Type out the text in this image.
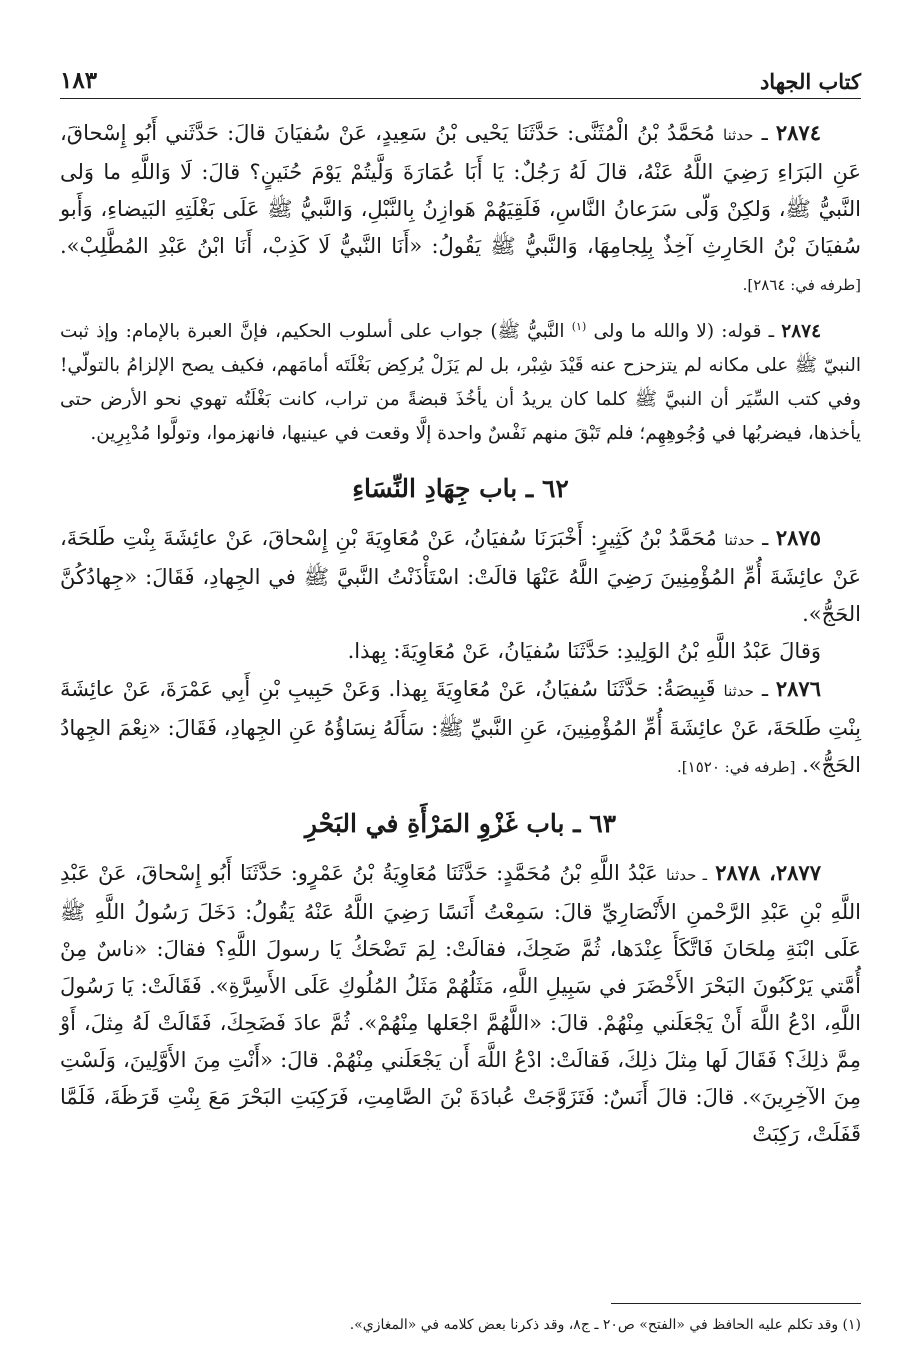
كتاب الجهاد
١٨٣

٢٨٧٤ ـ حدثنا مُحَمَّدُ بْنُ الْمُثَنَّى: حَدَّثَنَا يَحْيى بْنُ سَعِيدٍ، عَنْ سُفيَانَ قالَ: حَدَّثَني أَبُو إِسْحاقَ، عَنِ البَرَاءِ رَضِيَ اللَّهُ عَنْهُ، قالَ لَهُ رَجُلٌ: يَا أَبَا عُمَارَةَ وَلَّيتُمْ يَوْمَ حُنَينٍ؟ قالَ: لَا وَاللَّهِ ما وَلى النَّبيُّ ﷺ، وَلكِنْ وَلّى سَرَعانُ النَّاسِ، فَلَقِيَهُمْ هَوازِنُ بِالنَّبْلِ، وَالنَّبيُّ ﷺ عَلَى بَغْلَتِهِ البَيضاءِ، وَأَبو سُفيَانَ بْنُ الحَارِثِ آخِذٌ بِلِجامِهَا، وَالنَّبيُّ ﷺ يَقُولُ: «أَنَا النَّبيُّ لَا كَذِبْ، أَنَا ابْنُ عَبْدِ المُطَّلِبْ». [طرفه في: ٢٨٦٤].

٢٨٧٤ ـ قوله: (لا والله ما ولى $^{(١)}$ النَّبيُّ ﷺ) جواب على أسلوب الحكيم، فإنَّ العبرة بالإمام: وإذ ثبت النبيّ ﷺ على مكانه لم يتزحزح عنه قَيْدَ شِبْر، بل لم يَزَلْ يُركِض بَغْلَتَه أمامَهم، فكيف يصح الإلزامُ بالتولّي! وفي كتب السِّيَر أن النبيَّ ﷺ كلما كان يريدُ أن يأخُذَ قبضةً من تراب، كانت بَغْلَتُه تهوي نحو الأرض حتى يأخذها، فيضربُها في وُجُوهِهِم؛ فلم تَبْقَ منهم نَفْسٌ واحدة إلَّا وقعت في عينيها، فانهزموا، وتولَّوا مُدْبِرِين.

٦٢ ـ باب جِهَادِ النِّسَاءِ

٢٨٧٥ ـ حدثنا مُحَمَّدُ بْنُ كَثِيرٍ: أَخْبَرَنَا سُفيَانُ، عَنْ مُعَاوِيَةَ بْنِ إِسْحاقَ، عَنْ عائِشَةَ بِنْتِ طَلحَةَ، عَنْ عائِشَةَ أُمِّ المُؤْمِنِينَ رَضِيَ اللَّهُ عَنْهَا قالَتْ: اسْتَأْذَنْتُ النَّبيَّ ﷺ في الجِهادِ، فَقَالَ: «جِهادُكُنَّ الحَجُّ».

وَقالَ عَبْدُ اللَّهِ بْنُ الوَلِيدِ: حَدَّثَنَا سُفيَانُ، عَنْ مُعَاوِيَةَ: بِهذا.

٢٨٧٦ ـ حدثنا قَبِيصَةُ: حَدَّثَنَا سُفيَانُ، عَنْ مُعَاوِيَةَ بِهذا. وَعَنْ حَبِيبِ بْنِ أَبِي عَمْرَةَ، عَنْ عائِشَةَ بِنْتِ طَلحَةَ، عَنْ عائِشَةَ أُمِّ المُؤْمِنِينَ، عَنِ النَّبيِّ ﷺ: سَأَلَهُ نِسَاؤُهُ عَنِ الجِهادِ، فَقَالَ: «نِعْمَ الجِهادُ الحَجُّ». [طرفه في: ١٥٢٠].

٦٣ ـ باب غَزْوِ المَرْأَةِ في البَحْرِ

٢٨٧٧، ٢٨٧٨ ـ حدثنا عَبْدُ اللَّهِ بْنُ مُحَمَّدٍ: حَدَّثَنَا مُعَاوِيَةُ بْنُ عَمْرٍو: حَدَّثَنَا أَبُو إِسْحاقَ، عَنْ عَبْدِ اللَّهِ بْنِ عَبْدِ الرَّحْمنِ الأَنْصَارِيِّ قالَ: سَمِعْتُ أَنَسًا رَضِيَ اللَّهُ عَنْهُ يَقُولُ: دَخَلَ رَسُولُ اللَّهِ ﷺ عَلَى ابْنَةِ مِلحَانَ فَاتَّكَأَ عِنْدَها، ثُمَّ ضَحِكَ، فقالَتْ: لِمَ تَضْحَكُ يَا رسولَ اللَّهِ؟ فقالَ: «ناسٌ مِنْ أُمَّتي يَرْكَبُونَ البَحْرَ الأَخْضَرَ في سَبِيلِ اللَّهِ، مَثَلُهُمْ مَثَلُ المُلُوكِ عَلَى الأَسِرَّةِ». فَقَالَتْ: يَا رَسُولَ اللَّهِ، ادْعُ اللَّهَ أَنْ يَجْعَلَني مِنْهُمْ. قالَ: «اللَّهُمَّ اجْعَلها مِنْهُمْ». ثُمَّ عادَ فَضَحِكَ، فَقَالَتْ لَهُ مِثلَ، أَوْ مِمَّ ذلِكَ؟ فَقَالَ لَها مِثلَ ذلِكَ، فَقالَتْ: ادْعُ اللَّهَ أَن يَجْعَلَني مِنْهُمْ. قالَ: «أَنْتِ مِنَ الأَوَّلِينَ، وَلَسْتِ مِنَ الآخِرِينَ». قالَ: قالَ أَنَسٌ: فَتَزَوَّجَتْ عُبادَةَ بْنَ الصَّامِتِ، فَرَكِبَتِ البَحْرَ مَعَ بِنْتِ قَرَظَةَ، فَلَمَّا قَفَلَتْ، رَكِبَتْ

(١) وقد تكلم عليه الحافظ في «الفتح» ص٢٠ ـ ج٨، وقد ذكرنا بعض كلامه في «المغازي».
